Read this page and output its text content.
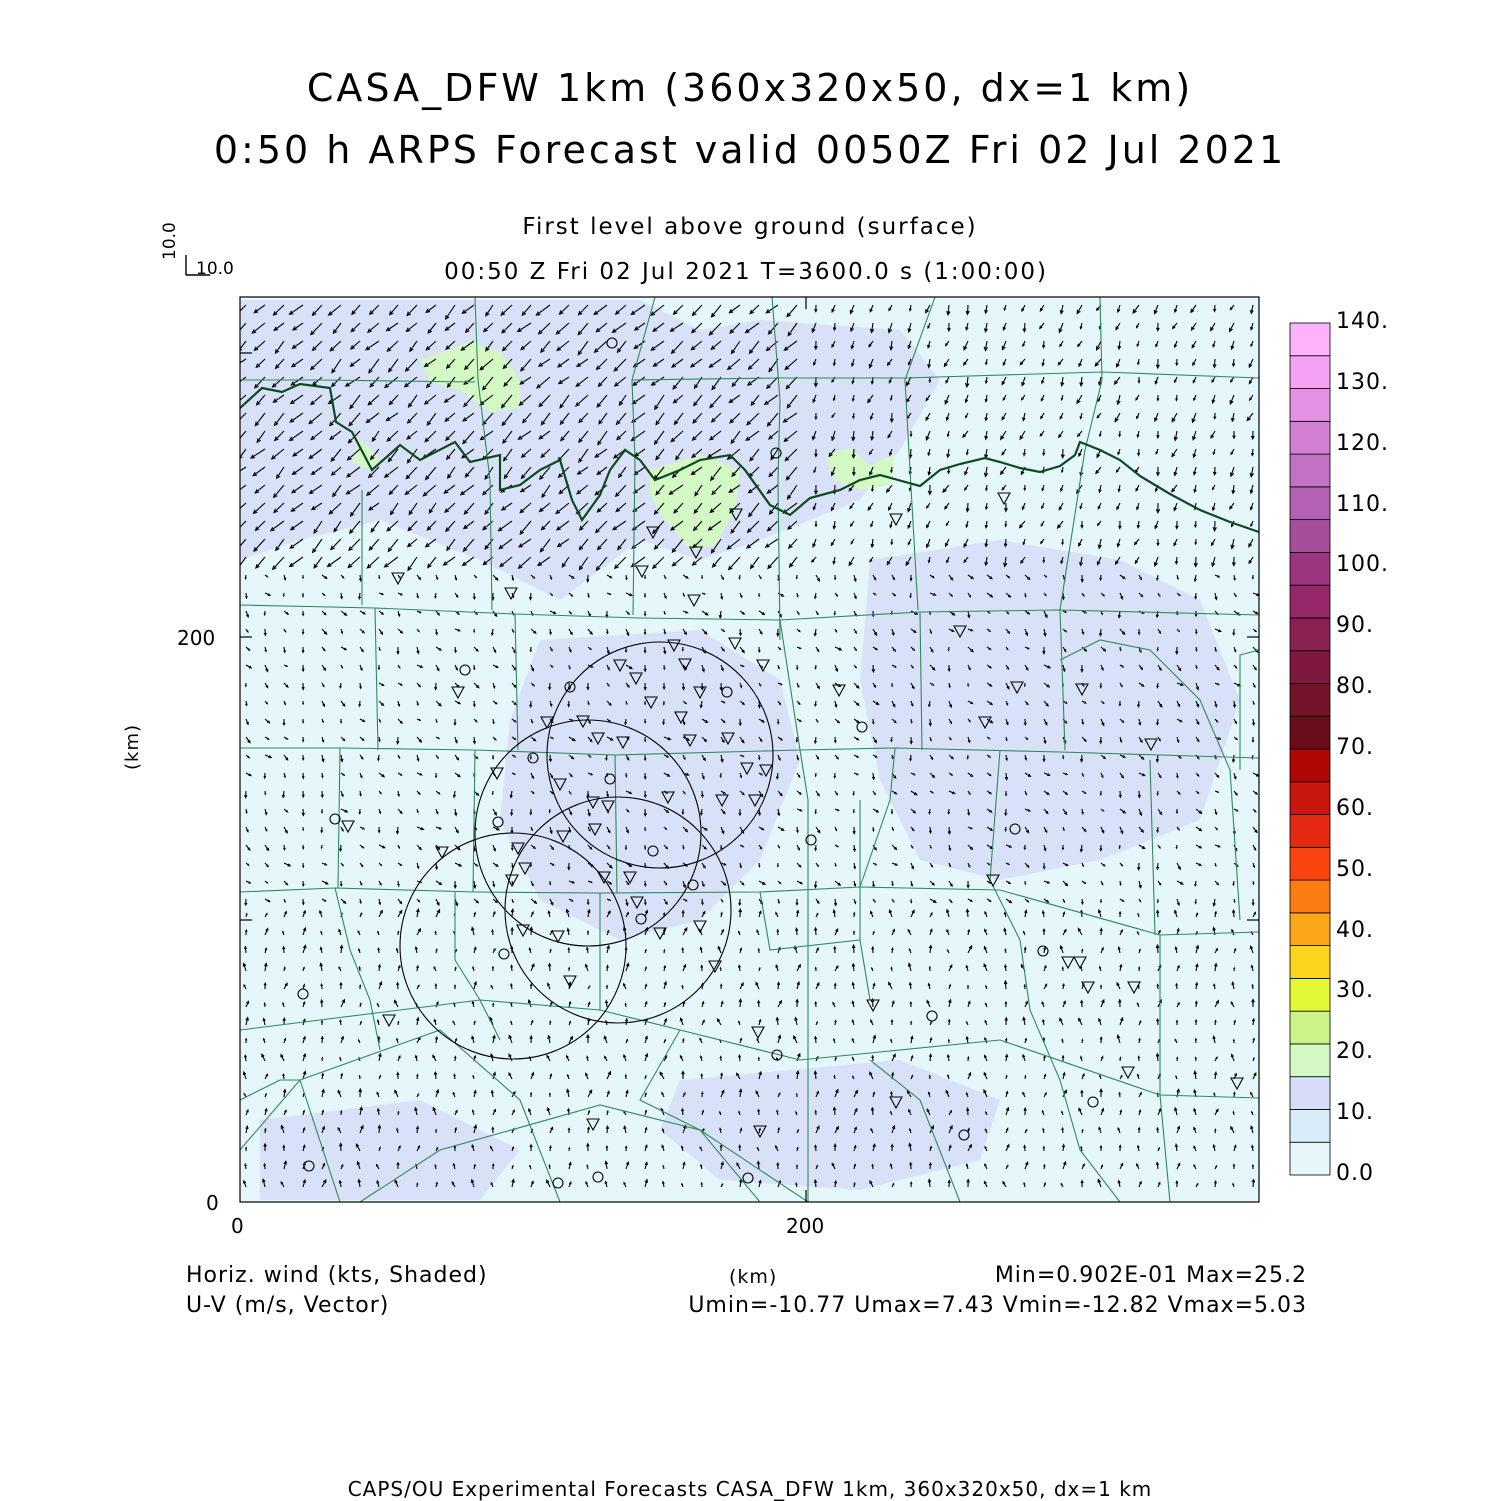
CASA_DFW 1km (360x320x50, dx=1 km)
0:50 h ARPS Forecast valid 0050Z Fri 02 Jul 2021
First level above ground (surface)
00:50 Z Fri 02 Jul 2021 T=3600.0 s (1:00:00)
10.0
10.0
200
0
0	200
(km)
0.0
10.
20.
30.
40.
50.
60.
70.
80.
90.
100.
110.
120.
130.
140.
Horiz. wind (kts, Shaded)
U-V (m/s, Vector)
(km)	Min=0.902E-01 Max=25.2
Umin=-10.77 Umax=7.43 Vmin=-12.82 Vmax=5.03
CAPS/OU Experimental Forecasts CASA_DFW 1km, 360x320x50, dx=1 km
